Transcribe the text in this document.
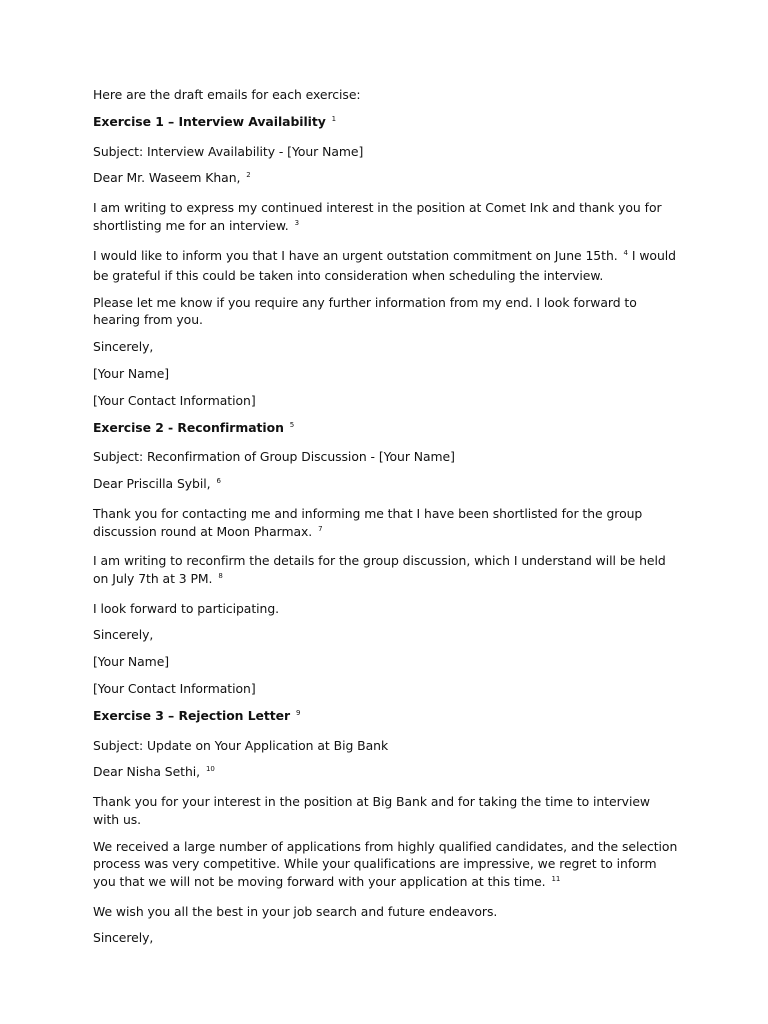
Here are the draft emails for each exercise:

Exercise 1 – Interview Availability $^1$

Subject: Interview Availability - [Your Name]

Dear Mr. Waseem Khan, $^2$

I am writing to express my continued interest in the position at Comet Ink and thank you for shortlisting me for an interview. $^3$

I would like to inform you that I have an urgent outstation commitment on June 15th. $^4$ I would be grateful if this could be taken into consideration when scheduling the interview.

Please let me know if you require any further information from my end. I look forward to hearing from you.

Sincerely,

[Your Name]

[Your Contact Information]

Exercise 2 - Reconfirmation $^5$

Subject: Reconfirmation of Group Discussion - [Your Name]

Dear Priscilla Sybil, $^6$

Thank you for contacting me and informing me that I have been shortlisted for the group discussion round at Moon Pharmax. $^7$

I am writing to reconfirm the details for the group discussion, which I understand will be held on July 7th at 3 PM. $^8$

I look forward to participating.

Sincerely,

[Your Name]

[Your Contact Information]

Exercise 3 – Rejection Letter $^9$

Subject: Update on Your Application at Big Bank

Dear Nisha Sethi, $^{10}$

Thank you for your interest in the position at Big Bank and for taking the time to interview with us.

We received a large number of applications from highly qualified candidates, and the selection process was very competitive. While your qualifications are impressive, we regret to inform you that we will not be moving forward with your application at this time. $^{11}$

We wish you all the best in your job search and future endeavors.

Sincerely,
